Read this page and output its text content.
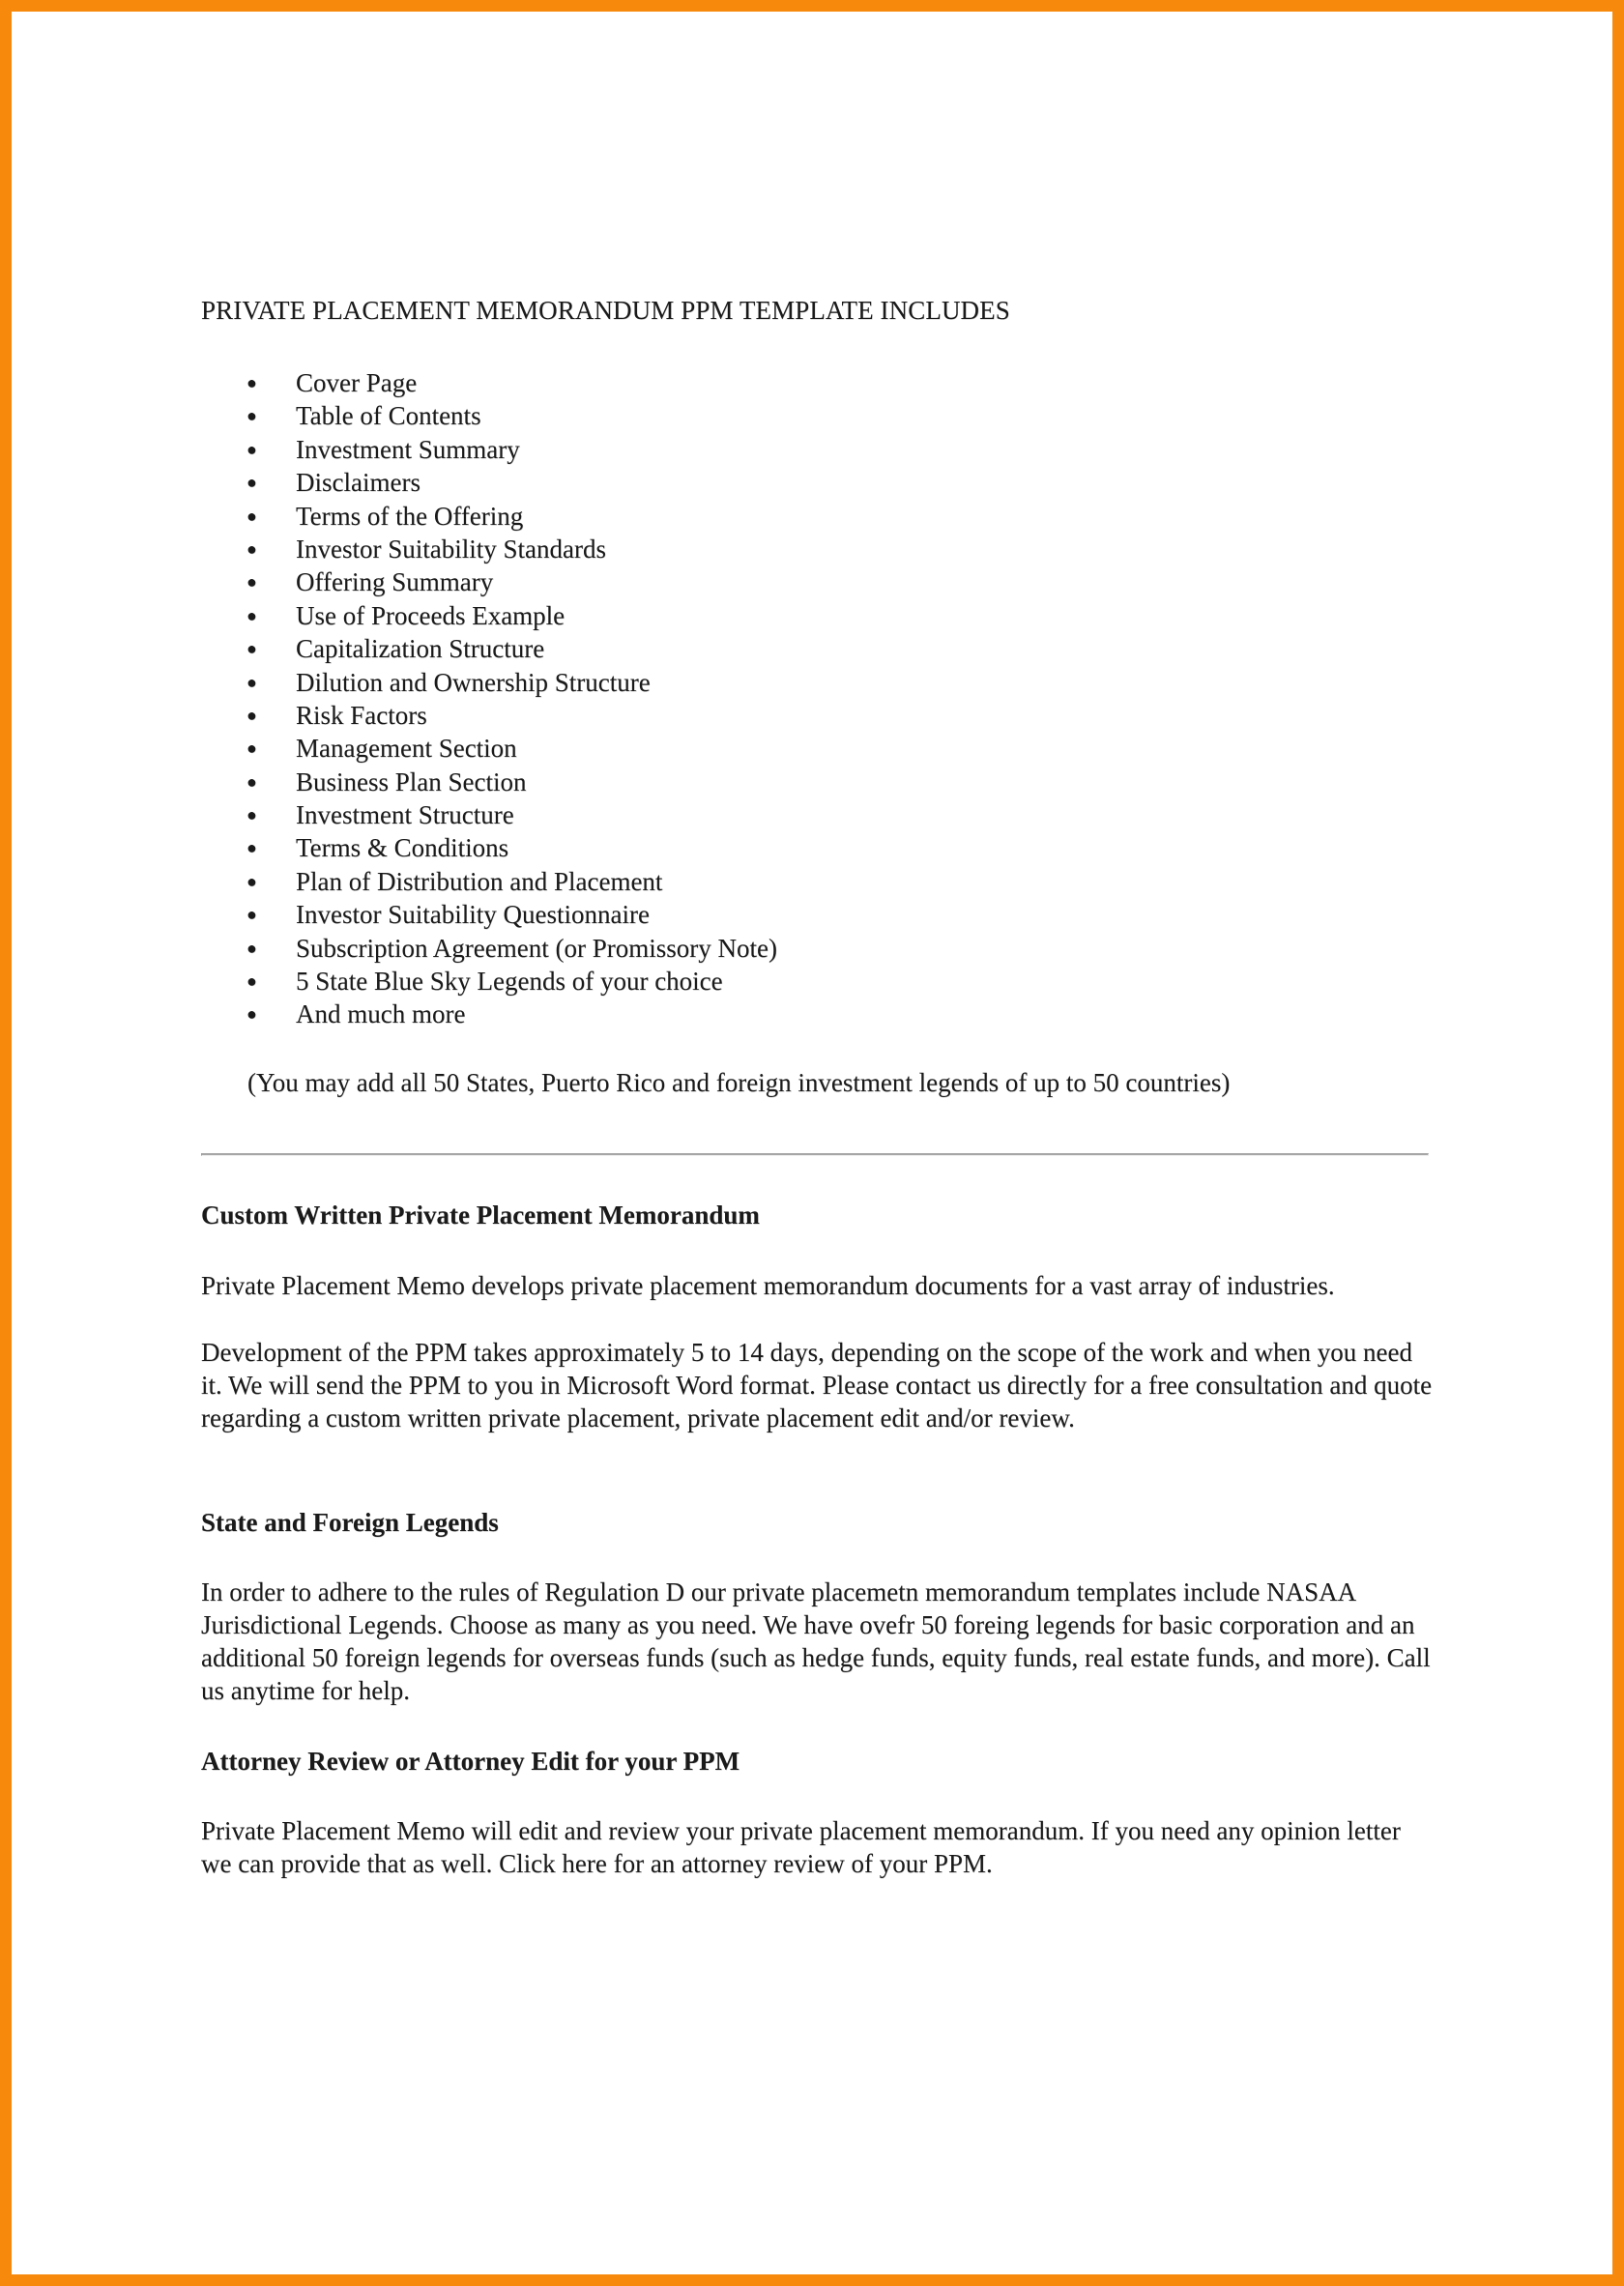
PRIVATE PLACEMENT MEMORANDUM PPM TEMPLATE INCLUDES
● Cover Page
● Table of Contents
● Investment Summary
● Disclaimers
● Terms of the Offering
● Investor Suitability Standards
● Offering Summary
● Use of Proceeds Example
● Capitalization Structure
● Dilution and Ownership Structure
● Risk Factors
● Management Section
● Business Plan Section
● Investment Structure
● Terms & Conditions
● Plan of Distribution and Placement
● Investor Suitability Questionnaire
● Subscription Agreement (or Promissory Note)
● 5 State Blue Sky Legends of your choice
● And much more

(You may add all 50 States, Puerto Rico and foreign investment legends of up to 50 countries)

Custom Written Private Placement Memorandum

Private Placement Memo develops private placement memorandum documents for a vast array of industries.

Development of the PPM takes approximately 5 to 14 days, depending on the scope of the work and when you need it. We will send the PPM to you in Microsoft Word format. Please contact us directly for a free consultation and quote regarding a custom written private placement, private placement edit and/or review.

State and Foreign Legends

In order to adhere to the rules of Regulation D our private placemetn memorandum templates include NASAA Jurisdictional Legends. Choose as many as you need. We have ovefr 50 foreing legends for basic corporation and an additional 50 foreign legends for overseas funds (such as hedge funds, equity funds, real estate funds, and more). Call us anytime for help.

Attorney Review or Attorney Edit for your PPM

Private Placement Memo will edit and review your private placement memorandum. If you need any opinion letter we can provide that as well. Click here for an attorney review of your PPM.
